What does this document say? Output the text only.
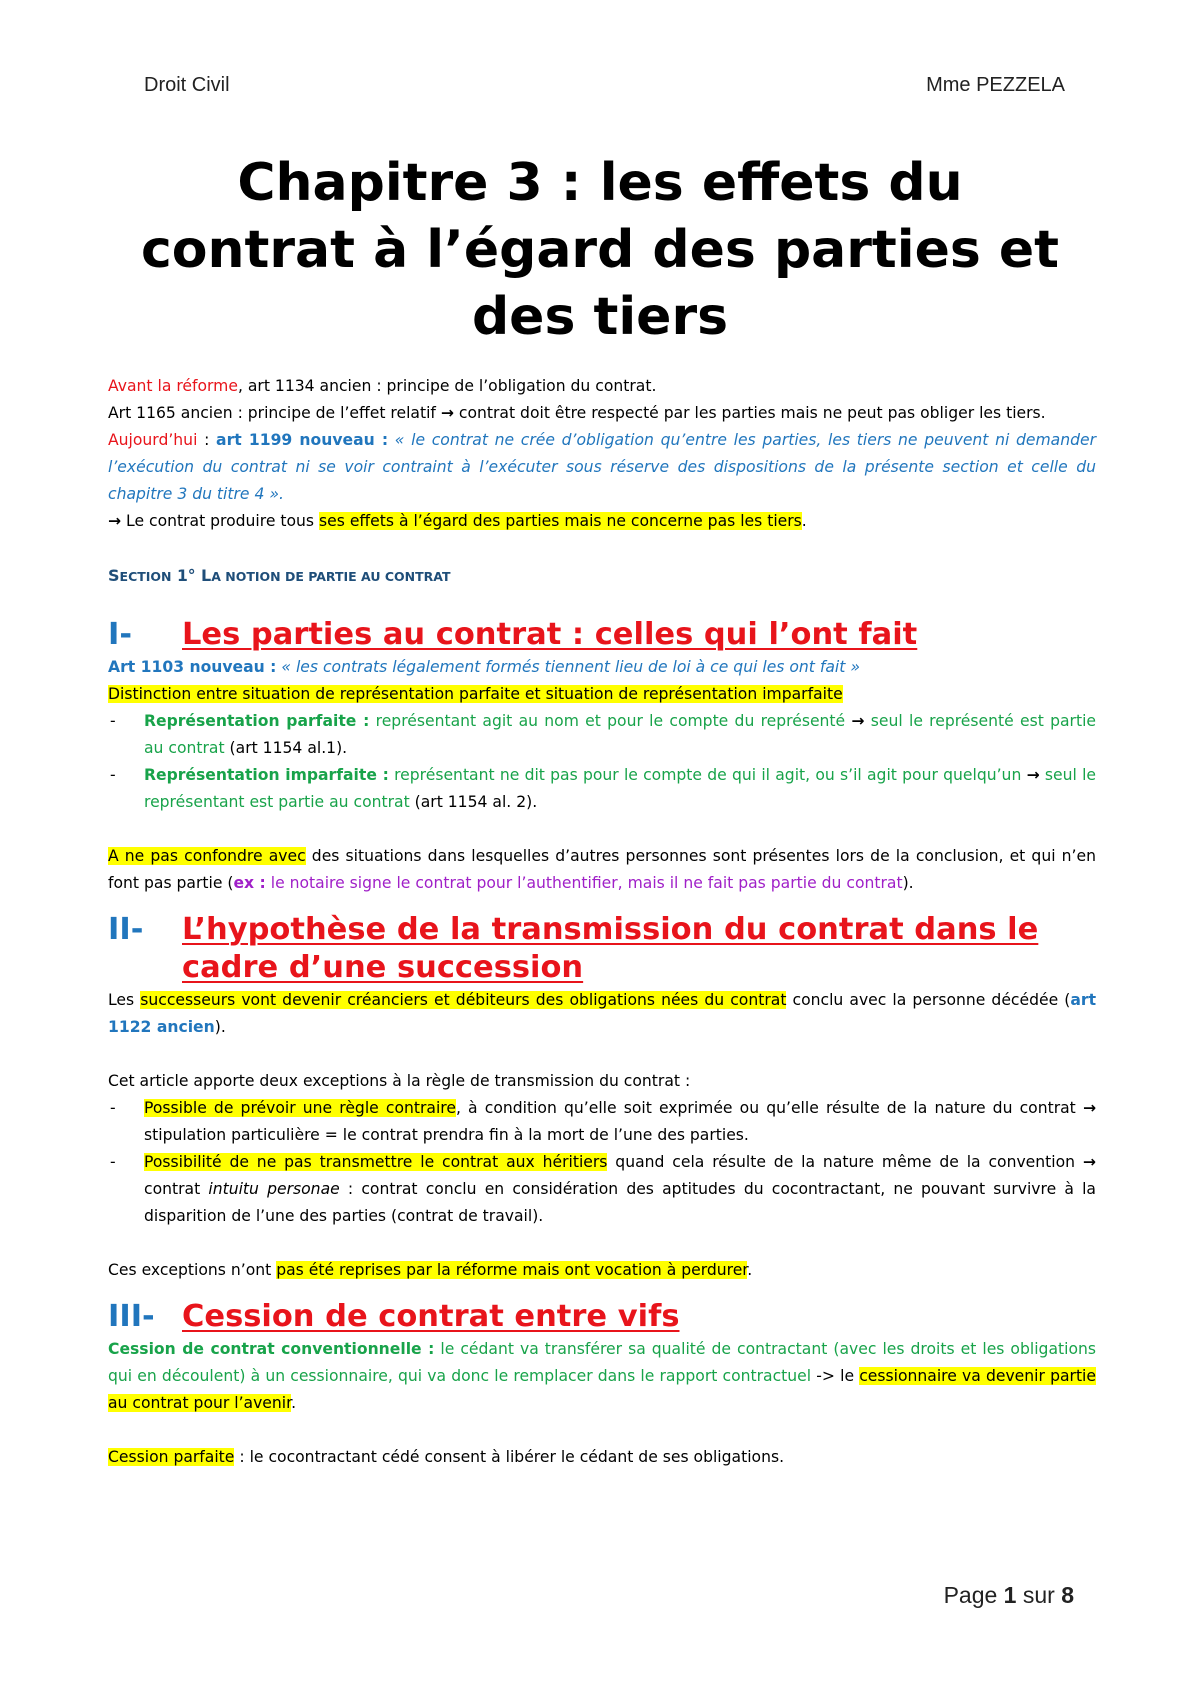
Droit Civil	Mme PEZZELA
Chapitre 3 : les effets du
contrat à l’égard des parties et
des tiers

Avant la réforme, art 1134 ancien : principe de l’obligation du contrat.

Art 1165 ancien : principe de l’effet relatif → contrat doit être respecté par les parties mais ne peut pas obliger les tiers.

Aujourd’hui : art 1199 nouveau : « le contrat ne crée d’obligation qu’entre les parties, les tiers ne peuvent ni demander l’exécution du contrat ni se voir contraint à l’exécuter sous réserve des dispositions de la présente section et celle du chapitre 3 du titre 4 ».

→ Le contrat produire tous ses effets à l’égard des parties mais ne concerne pas les tiers.

SECTION 1° LA NOTION DE PARTIE AU CONTRAT

I- Les parties au contrat : celles qui l’ont fait

Art 1103 nouveau : « les contrats légalement formés tiennent lieu de loi à ce qui les ont fait »

Distinction entre situation de représentation parfaite et situation de représentation imparfaite

- Représentation parfaite : représentant agit au nom et pour le compte du représenté → seul le représenté est partie au contrat (art 1154 al.1).
- Représentation imparfaite : représentant ne dit pas pour le compte de qui il agit, ou s’il agit pour quelqu’un → seul le représentant est partie au contrat (art 1154 al. 2).

A ne pas confondre avec des situations dans lesquelles d’autres personnes sont présentes lors de la conclusion, et qui n’en font pas partie (ex : le notaire signe le contrat pour l’authentifier, mais il ne fait pas partie du contrat).

II- L’hypothèse de la transmission du contrat dans le cadre d’une succession

Les successeurs vont devenir créanciers et débiteurs des obligations nées du contrat conclu avec la personne décédée (art 1122 ancien).

Cet article apporte deux exceptions à la règle de transmission du contrat :

- Possible de prévoir une règle contraire, à condition qu’elle soit exprimée ou qu’elle résulte de la nature du contrat → stipulation particulière = le contrat prendra fin à la mort de l’une des parties.
- Possibilité de ne pas transmettre le contrat aux héritiers quand cela résulte de la nature même de la convention → contrat intuitu personae : contrat conclu en considération des aptitudes du cocontractant, ne pouvant survivre à la disparition de l’une des parties (contrat de travail).

Ces exceptions n’ont pas été reprises par la réforme mais ont vocation à perdurer.

III- Cession de contrat entre vifs

Cession de contrat conventionnelle : le cédant va transférer sa qualité de contractant (avec les droits et les obligations qui en découlent) à un cessionnaire, qui va donc le remplacer dans le rapport contractuel -> le cessionnaire va devenir partie au contrat pour l’avenir.

Cession parfaite : le cocontractant cédé consent à libérer le cédant de ses obligations.

Page 1 sur 8
